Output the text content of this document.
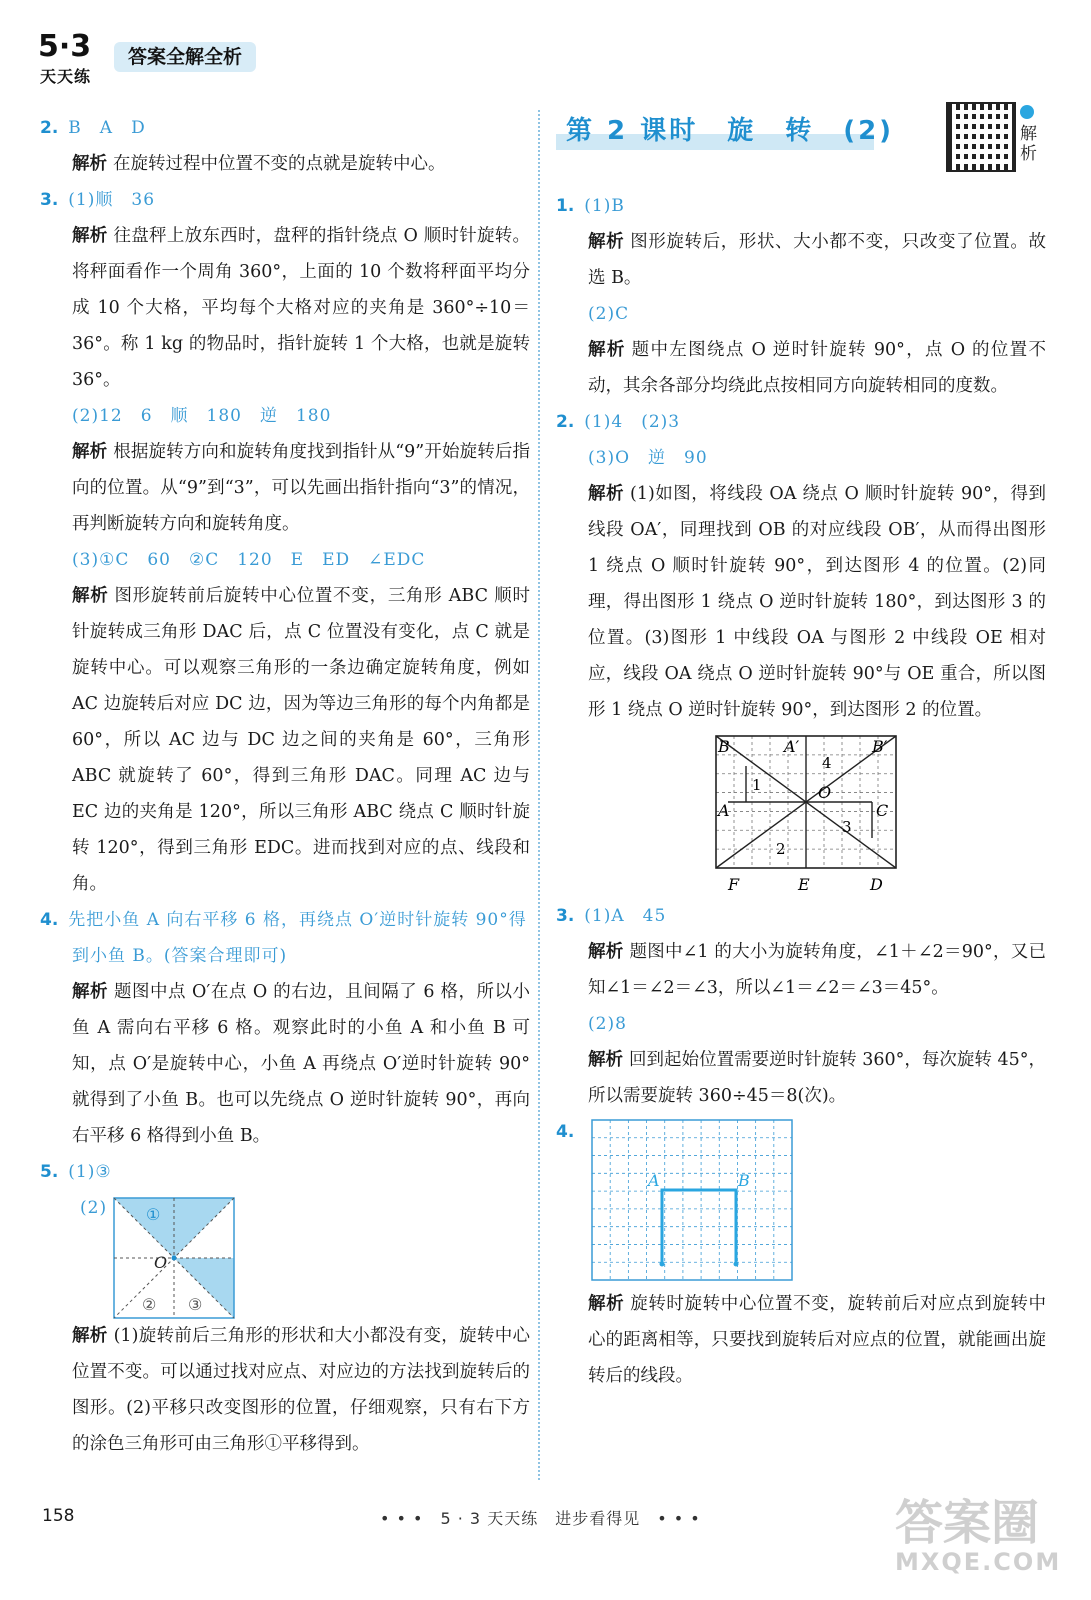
5·3
天天练
答案全解全析
2. B　A　D
解析 在旋转过程中位置不变的点就是旋转中心。
3. (1)顺　36
解析 往盘秤上放东西时，盘秤的指针绕点 O 顺时针旋转。将秤面看作一个周角 360°，上面的 10 个数将秤面平均分成 10 个大格，平均每个大格对应的夹角是 360°÷10＝36°。称 1 kg 的物品时，指针旋转 1 个大格，也就是旋转 36°。
(2)12　6　顺　180　逆　180
解析 根据旋转方向和旋转角度找到指针从“9”开始旋转后指向的位置。从“9”到“3”，可以先画出指针指向“3”的情况，再判断旋转方向和旋转角度。
(3)①C　60　②C　120　E　ED　∠EDC
解析 图形旋转前后旋转中心位置不变，三角形 ABC 顺时针旋转成三角形 DAC 后，点 C 位置没有变化，点 C 就是旋转中心。可以观察三角形的一条边确定旋转角度，例如 AC 边旋转后对应 DC 边，因为等边三角形的每个内角都是 60°，所以 AC 边与 DC 边之间的夹角是 60°，三角形 ABC 就旋转了 60°，得到三角形 DAC。同理 AC 边与 EC 边的夹角是 120°，所以三角形 ABC 绕点 C 顺时针旋转 120°，得到三角形 EDC。进而找到对应的点、线段和角。
4. 先把小鱼 A 向右平移 6 格，再绕点 O′逆时针旋转 90°得到小鱼 B。(答案合理即可)
解析 题图中点 O′在点 O 的右边，且间隔了 6 格，所以小鱼 A 需向右平移 6 格。观察此时的小鱼 A 和小鱼 B 可知，点 O′是旋转中心，小鱼 A 再绕点 O′逆时针旋转 90°就得到了小鱼 B。也可以先绕点 O 逆时针旋转 90°，再向右平移 6 格得到小鱼 B。
5. (1)③
(2) ①
O
② ③
解析 (1)旋转前后三角形的形状和大小都没有变，旋转中心位置不变。可以通过找对应点、对应边的方法找到旋转后的图形。(2)平移只改变图形的位置，仔细观察，只有右下方的涂色三角形可由三角形①平移得到。
第 2 课时　旋　转　(2)	解析
1. (1)B
解析 图形旋转后，形状、大小都不变，只改变了位置。故选 B。
(2)C
解析 题中左图绕点 O 逆时针旋转 90°，点 O 的位置不动，其余各部分均绕此点按相同方向旋转相同的度数。
2. (1)4　(2)3
(3)O　逆　90
解析 (1)如图，将线段 OA 绕点 O 顺时针旋转 90°，得到线段 OA′，同理找到 OB 的对应线段 OB′，从而得出图形 1 绕点 O 顺时针旋转 90°，到达图形 4 的位置。(2)同理，得出图形 1 绕点 O 逆时针旋转 180°，到达图形 3 的位置。(3)图形 1 中线段 OA 与图形 2 中线段 OE 相对应，线段 OA 绕点 O 逆时针旋转 90°与 OE 重合，所以图形 1 绕点 O 逆时针旋转 90°，到达图形 2 的位置。
B	A′	B′
4
1	O
A	C
3
2
F	E	D
3. (1)A　45
解析 题图中∠1 的大小为旋转角度，∠1＋∠2＝90°，又已知∠1＝∠2＝∠3，所以∠1＝∠2＝∠3＝45°。
(2)8
解析 回到起始位置需要逆时针旋转 360°，每次旋转 45°，所以需要旋转 360÷45＝8(次)。
4.
A	B
解析 旋转时旋转中心位置不变，旋转前后对应点到旋转中心的距离相等，只要找到旋转后对应点的位置，就能画出旋转后的线段。
158	• • •　5 · 3 天天练　进步看得见　• • •	答案圈
MXQE.COM
